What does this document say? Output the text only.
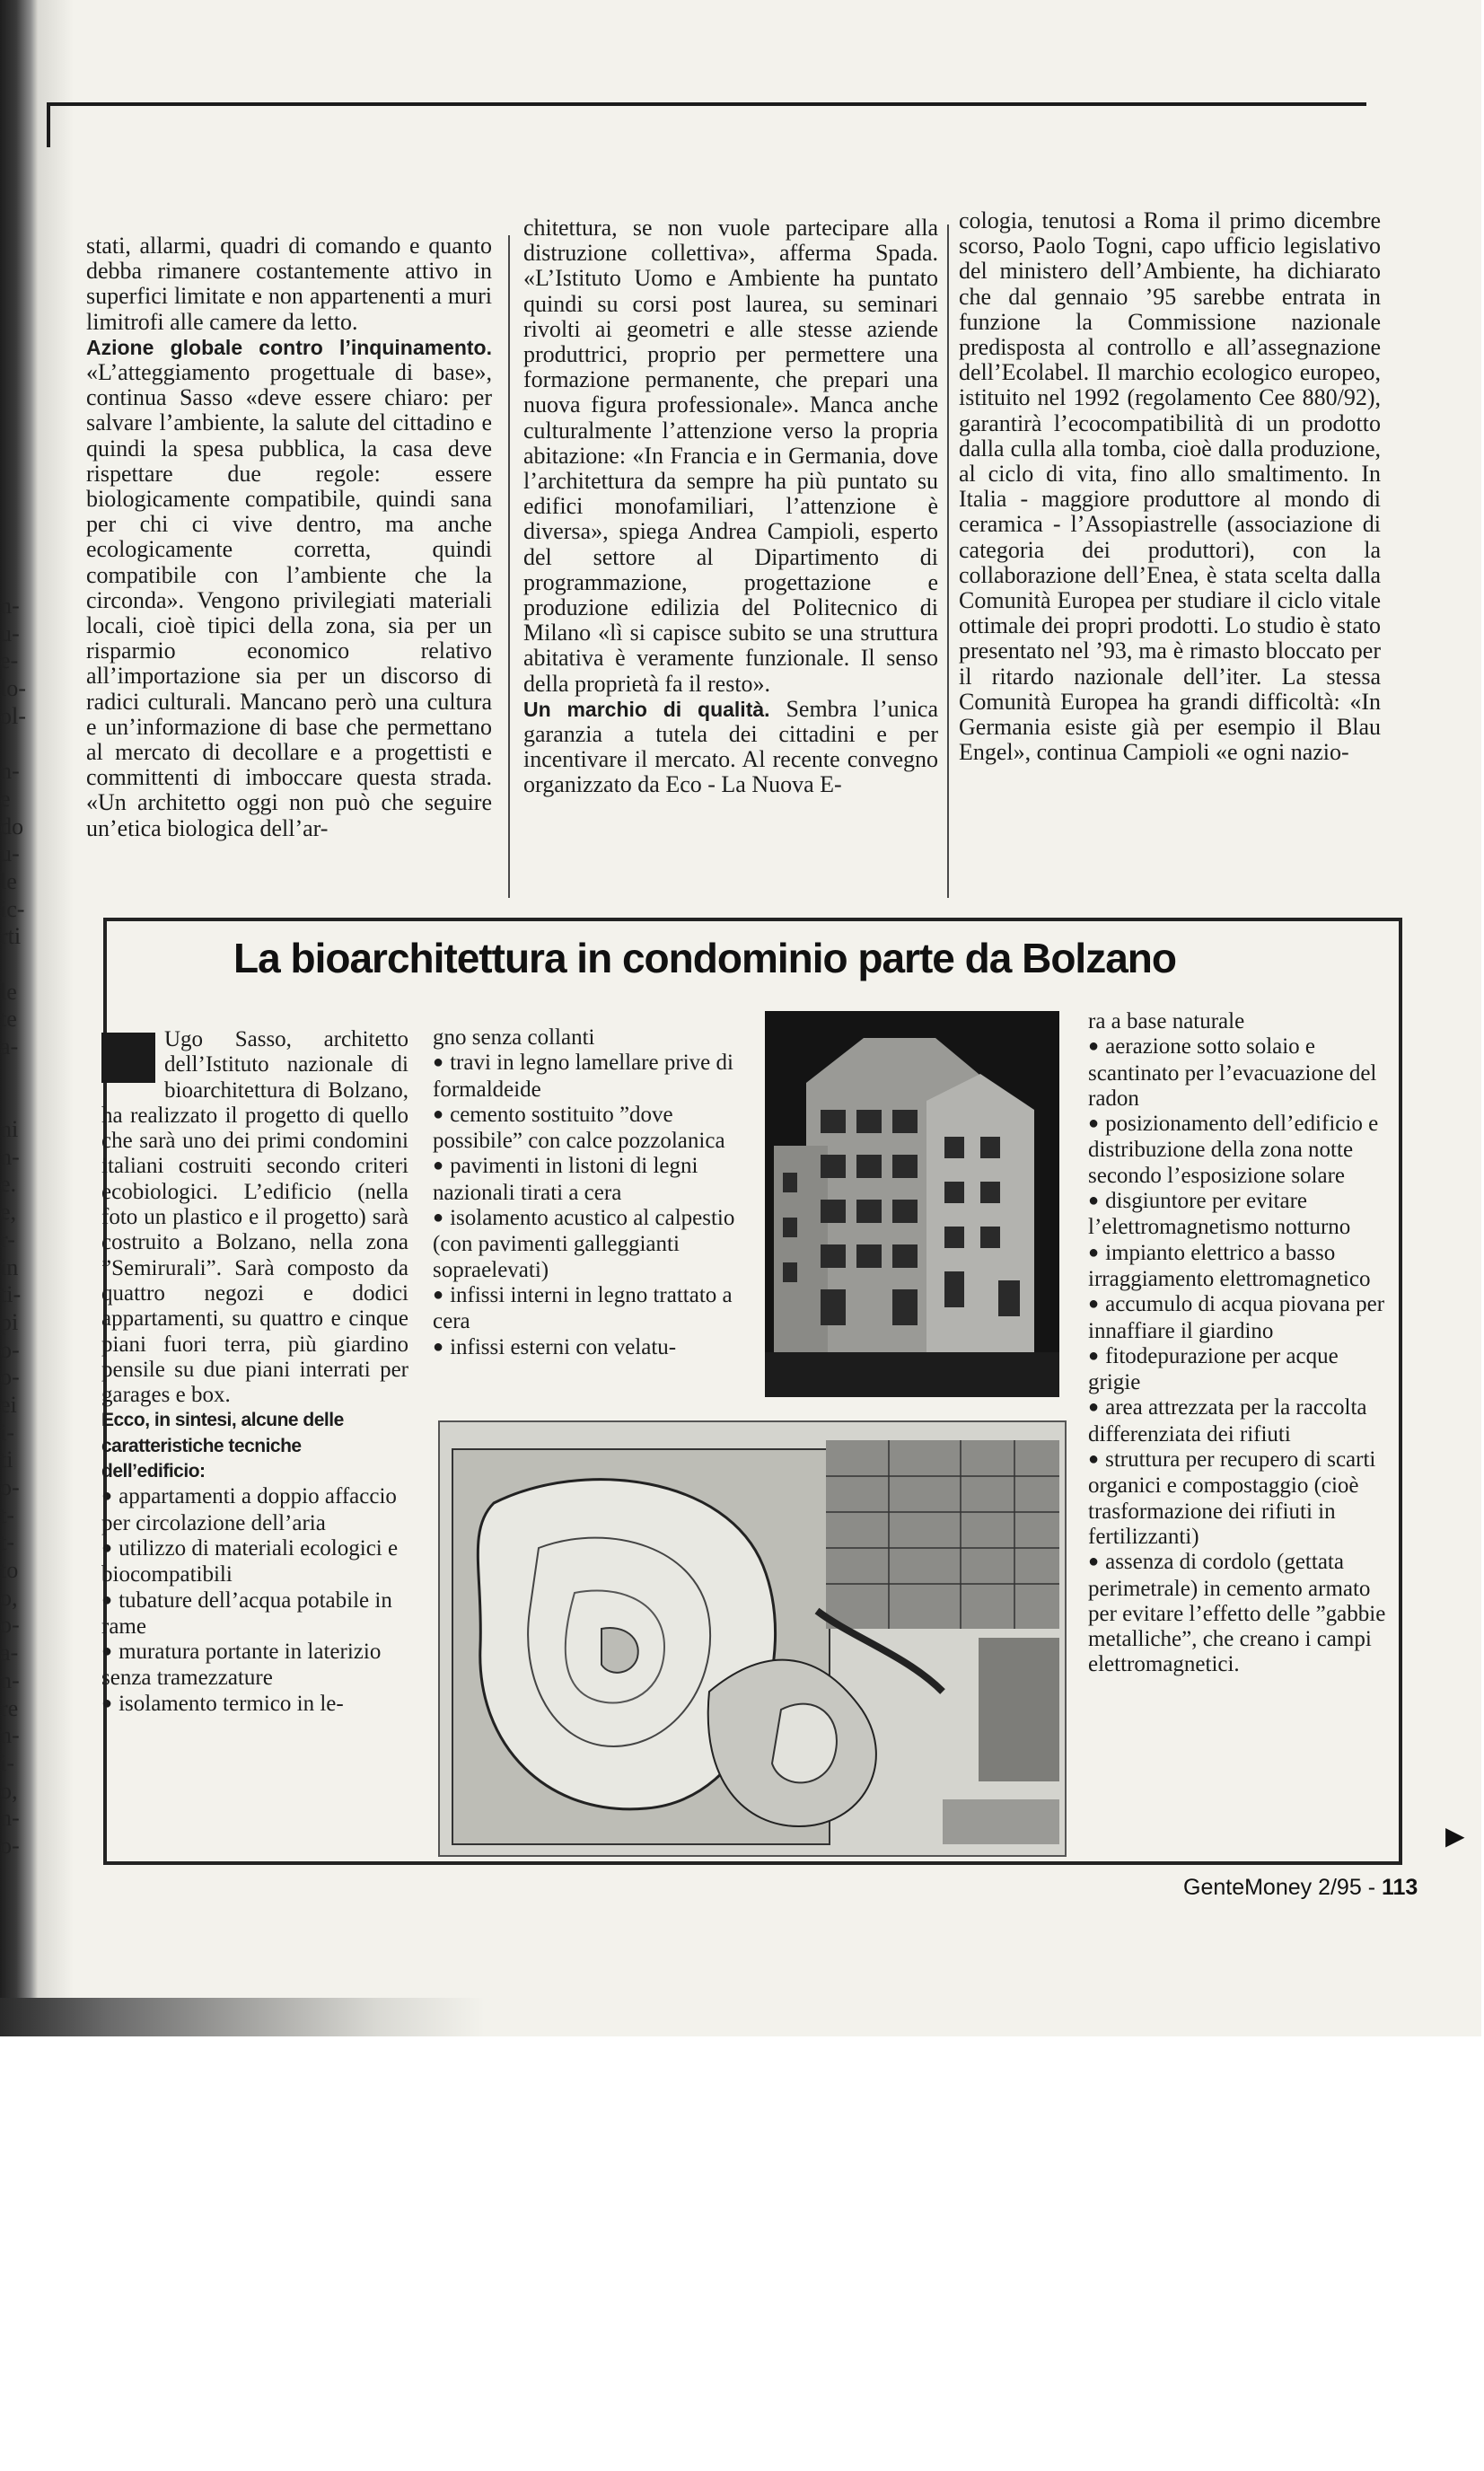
n-
u-
e-
lo-
ol-
n-
e
do
u-
le
ic-
rti
le
te
a-
ni
n-
e.
e,
r-
in
ti-
pi
o-
o-
ei
i-
ti
o-
t-
t-
to
o,
o-
a-
n-
re
n-
i-
o,
n-
o-

stati, allarmi, quadri di comando e quanto debba rimanere costantemente attivo in superfici limitate e non appartenenti a muri limitrofi alle camere da letto.

Azione globale contro l’inquinamento. «L’atteggiamento progettuale di base», continua Sasso «deve essere chiaro: per salvare l’ambiente, la salute del cittadino e quindi la spesa pubblica, la casa deve rispettare due regole: essere biologicamente compatibile, quindi sana per chi ci vive dentro, ma anche ecologicamente corretta, quindi compatibile con l’ambiente che la circonda». Vengono privilegiati materiali locali, cioè tipici della zona, sia per un risparmio economico relativo all’importazione sia per un discorso di radici culturali. Mancano però una cultura e un’informazione di base che permettano al mercato di decollare e a progettisti e committenti di imboccare questa strada. «Un architetto oggi non può che seguire un’etica biologica dell’ar-

chitettura, se non vuole partecipare alla distruzione collettiva», afferma Spada. «L’Istituto Uomo e Ambiente ha puntato quindi su corsi post laurea, su seminari rivolti ai geometri e alle stesse aziende produttrici, proprio per permettere una formazione permanente, che prepari una nuova figura professionale». Manca anche culturalmente l’attenzione verso la propria abitazione: «In Francia e in Germania, dove l’architettura da sempre ha più puntato su edifici monofamiliari, l’attenzione è diversa», spiega Andrea Campioli, esperto del settore al Dipartimento di programmazione, progettazione e produzione edilizia del Politecnico di Milano «lì si capisce subito se una struttura abitativa è veramente funzionale. Il senso della proprietà fa il resto».

Un marchio di qualità. Sembra l’unica garanzia a tutela dei cittadini e per incentivare il mercato. Al recente convegno organizzato da Eco - La Nuova E-

cologia, tenutosi a Roma il primo dicembre scorso, Paolo Togni, capo ufficio legislativo del ministero dell’Ambiente, ha dichiarato che dal gennaio ’95 sarebbe entrata in funzione la Commissione nazionale predisposta al controllo e all’assegnazione dell’Ecolabel. Il marchio ecologico europeo, istituito nel 1992 (regolamento Cee 880/92), garantirà l’ecocompatibilità di un prodotto dalla culla alla tomba, cioè dalla produzione, al ciclo di vita, fino allo smaltimento. In Italia - maggiore produttore al mondo di ceramica - l’Assopiastrelle (associazione di categoria dei produttori), con la collaborazione dell’Enea, è stata scelta dalla Comunità Europea per studiare il ciclo vitale ottimale dei propri prodotti. Lo studio è stato presentato nel ’93, ma è rimasto bloccato per il ritardo nazionale dell’iter. La stessa Comunità Europea ha grandi difficoltà: «In Germania esiste già per esempio il Blau Engel», continua Campioli «e ogni nazio-

La bioarchitettura in condominio parte da Bolzano

Ugo Sasso, architetto dell’Istituto nazionale di bioarchitettura di Bolzano, ha realizzato il progetto di quello che sarà uno dei primi condomini italiani costruiti secondo criteri ecobiologici. L’edificio (nella foto un plastico e il progetto) sarà costruito a Bolzano, nella zona ”Semirurali”. Sarà composto da quattro negozi e dodici appartamenti, su quattro e cinque piani fuori terra, più giardino pensile su due piani interrati per garages e box.

Ecco, in sintesi, alcune delle caratteristiche tecniche dell’edificio:

● appartamenti a doppio affaccio per circolazione dell’aria

● utilizzo di materiali ecologici e biocompatibili

● tubature dell’acqua potabile in rame

● muratura portante in laterizio senza tramezzature

● isolamento termico in le-

gno senza collanti

● travi in legno lamellare prive di formaldeide

● cemento sostituito ”dove possibile” con calce pozzolanica

● pavimenti in listoni di legni nazionali tirati a cera

● isolamento acustico al calpestio (con pavimenti galleggianti sopraelevati)

● infissi interni in legno trattato a cera

● infissi esterni con velatu-

ra a base naturale

● aerazione sotto solaio e scantinato per l’evacuazione del radon

● posizionamento dell’edificio e distribuzione della zona notte secondo l’esposizione solare

● disgiuntore per evitare l’elettromagnetismo notturno

● impianto elettrico a basso irraggiamento elettromagnetico

● accumulo di acqua piovana per innaffiare il giardino

● fitodepurazione per acque grigie

● area attrezzata per la raccolta differenziata dei rifiuti

● struttura per recupero di scarti organici e compostaggio (cioè trasformazione dei rifiuti in fertilizzanti)

● assenza di cordolo (gettata perimetrale) in cemento armato per evitare l’effetto delle ”gabbie metalliche”, che creano i campi elettromagnetici.

▶
GenteMoney 2/95 - 113
